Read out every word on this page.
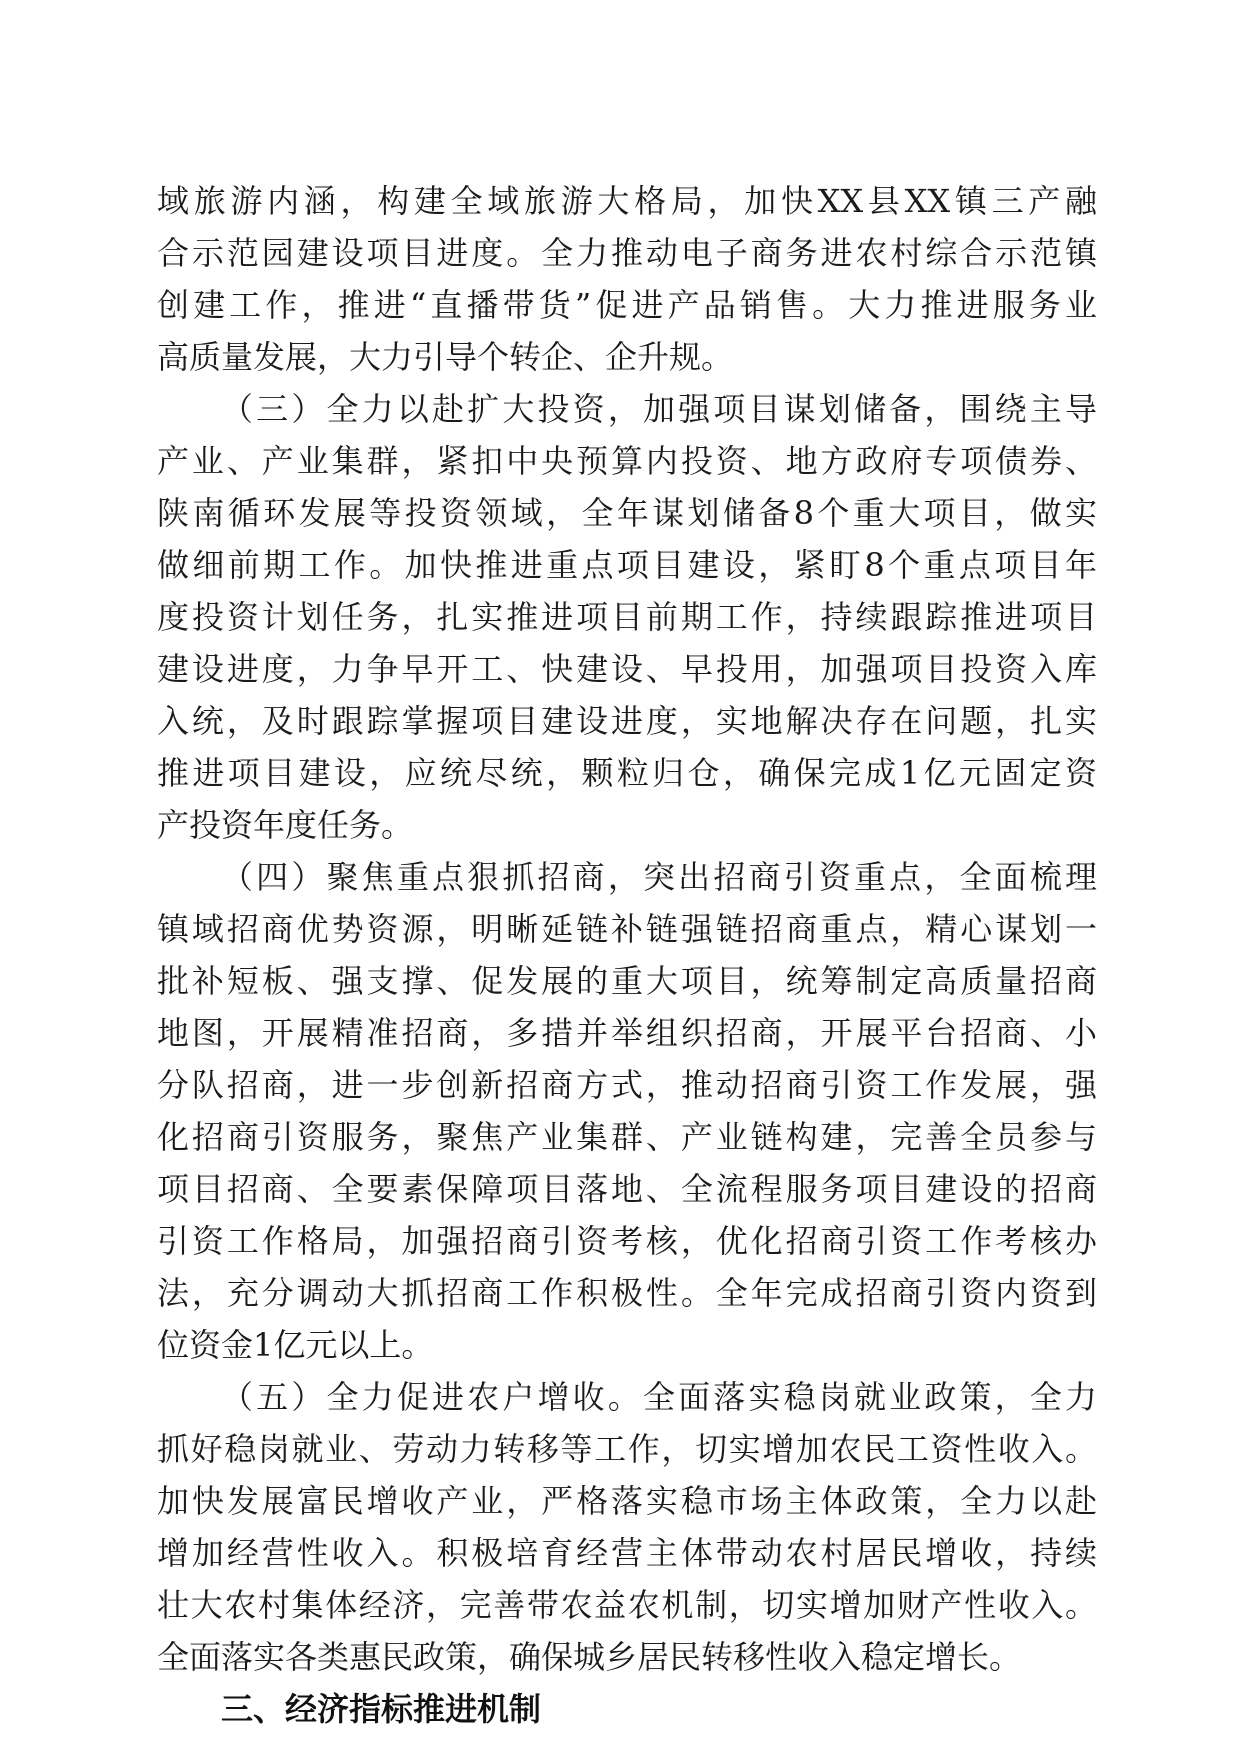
域旅游内涵，构建全域旅游大格局，加快XX县XX镇三产融
合示范园建设项目进度。全力推动电子商务进农村综合示范镇
创建工作，推进“直播带货”促进产品销售。大力推进服务业
高质量发展，大力引导个转企、企升规。
（三）全力以赴扩大投资，加强项目谋划储备，围绕主导
产业、产业集群，紧扣中央预算内投资、地方政府专项债券、
陕南循环发展等投资领域，全年谋划储备8个重大项目，做实
做细前期工作。加快推进重点项目建设，紧盯8个重点项目年
度投资计划任务，扎实推进项目前期工作，持续跟踪推进项目
建设进度，力争早开工、快建设、早投用，加强项目投资入库
入统，及时跟踪掌握项目建设进度，实地解决存在问题，扎实
推进项目建设，应统尽统，颗粒归仓，确保完成1亿元固定资
产投资年度任务。
（四）聚焦重点狠抓招商，突出招商引资重点，全面梳理
镇域招商优势资源，明晰延链补链强链招商重点，精心谋划一
批补短板、强支撑、促发展的重大项目，统筹制定高质量招商
地图，开展精准招商，多措并举组织招商，开展平台招商、小
分队招商，进一步创新招商方式，推动招商引资工作发展，强
化招商引资服务，聚焦产业集群、产业链构建，完善全员参与
项目招商、全要素保障项目落地、全流程服务项目建设的招商
引资工作格局，加强招商引资考核，优化招商引资工作考核办
法，充分调动大抓招商工作积极性。全年完成招商引资内资到
位资金1亿元以上。
（五）全力促进农户增收。全面落实稳岗就业政策，全力
抓好稳岗就业、劳动力转移等工作，切实增加农民工资性收入。
加快发展富民增收产业，严格落实稳市场主体政策，全力以赴
增加经营性收入。积极培育经营主体带动农村居民增收，持续
壮大农村集体经济，完善带农益农机制，切实增加财产性收入。
全面落实各类惠民政策，确保城乡居民转移性收入稳定增长。
三、经济指标推进机制
